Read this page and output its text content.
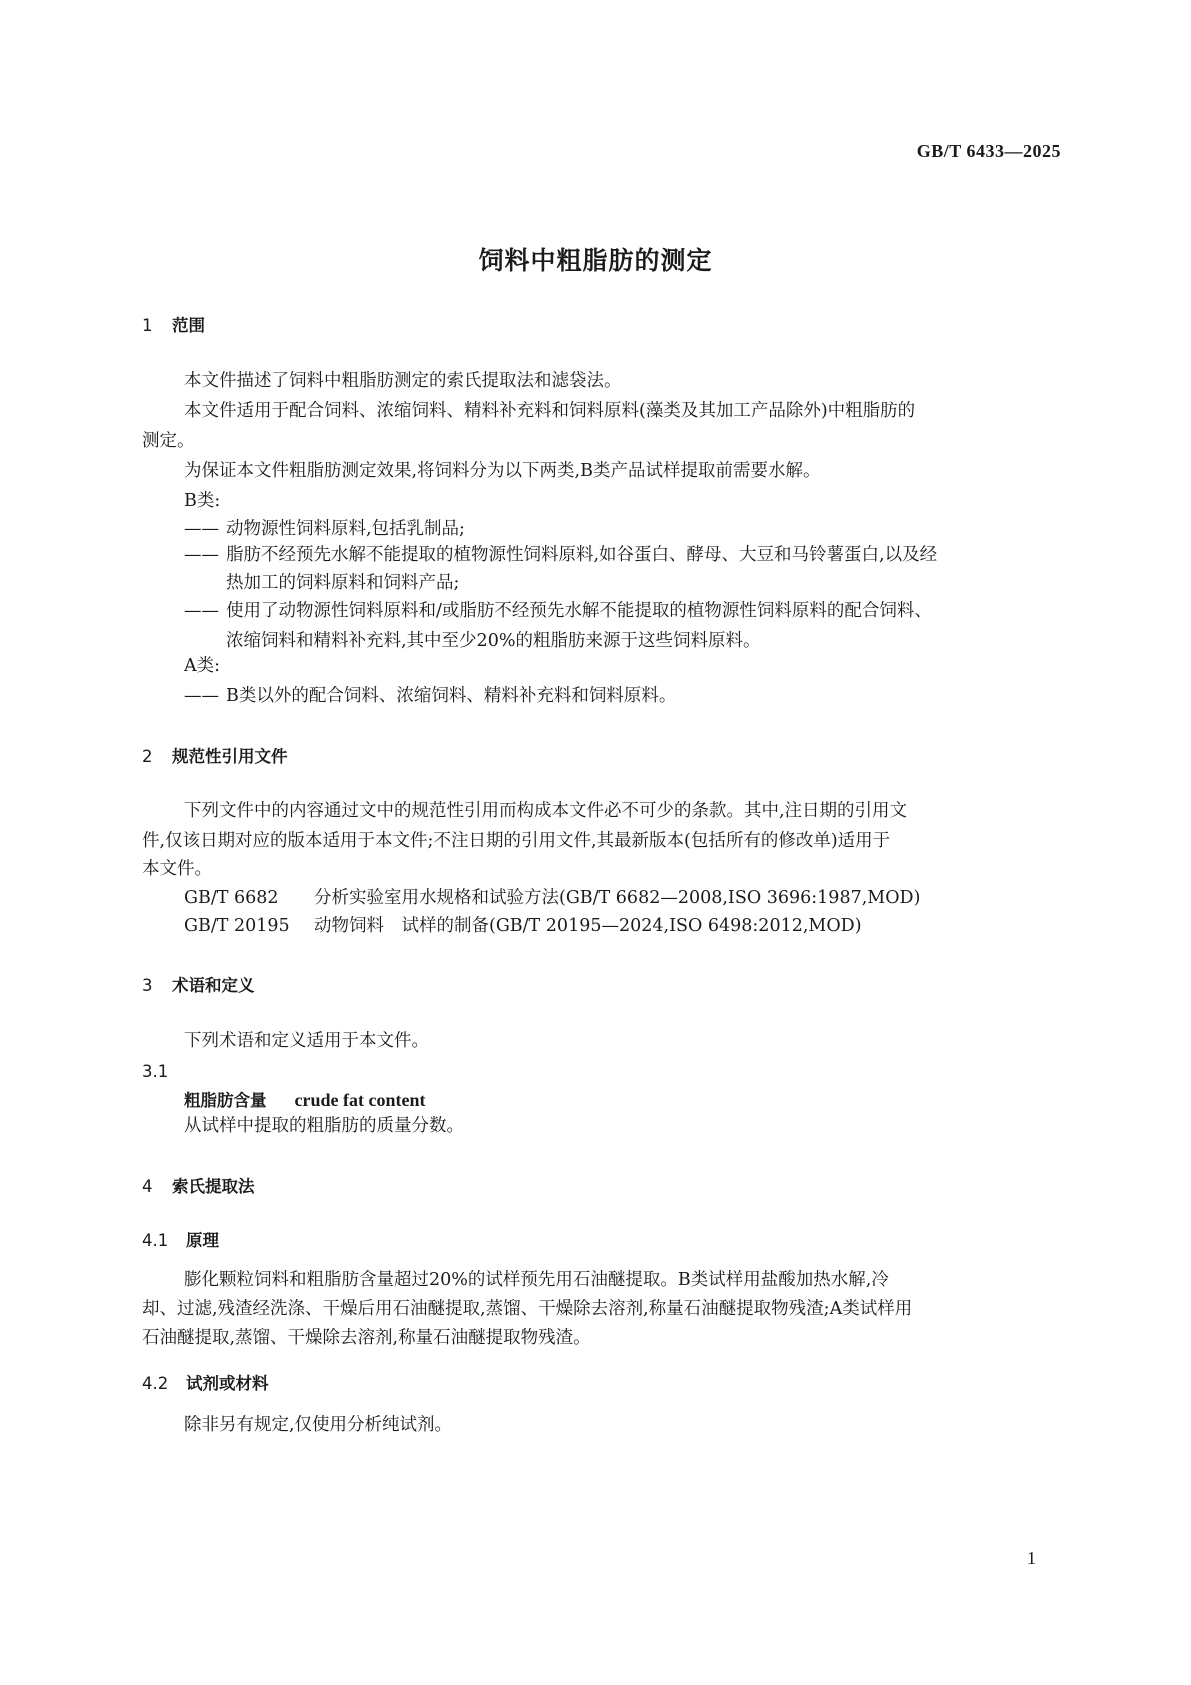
GB/T 6433—2025
饲料中粗脂肪的测定
1 范围
本文件描述了饲料中粗脂肪测定的索氏提取法和滤袋法。
本文件适用于配合饲料、浓缩饲料、精料补充料和饲料原料(藻类及其加工产品除外)中粗脂肪的
测定。
为保证本文件粗脂肪测定效果,将饲料分为以下两类,B类产品试样提取前需要水解。
B类:
—— 动物源性饲料原料,包括乳制品;
—— 脂肪不经预先水解不能提取的植物源性饲料原料,如谷蛋白、酵母、大豆和马铃薯蛋白,以及经
热加工的饲料原料和饲料产品;
—— 使用了动物源性饲料原料和/或脂肪不经预先水解不能提取的植物源性饲料原料的配合饲料、
浓缩饲料和精料补充料,其中至少20%的粗脂肪来源于这些饲料原料。
A类:
—— B类以外的配合饲料、浓缩饲料、精料补充料和饲料原料。
2 规范性引用文件
下列文件中的内容通过文中的规范性引用而构成本文件必不可少的条款。其中,注日期的引用文
件,仅该日期对应的版本适用于本文件;不注日期的引用文件,其最新版本(包括所有的修改单)适用于
本文件。
GB/T 6682 分析实验室用水规格和试验方法(GB/T 6682—2008,ISO 3696:1987,MOD)
GB/T 20195 动物饲料　试样的制备(GB/T 20195—2024,ISO 6498:2012,MOD)
3 术语和定义
下列术语和定义适用于本文件。
3.1
粗脂肪含量 crude fat content
从试样中提取的粗脂肪的质量分数。
4 索氏提取法
4.1 原理
膨化颗粒饲料和粗脂肪含量超过20%的试样预先用石油醚提取。B类试样用盐酸加热水解,冷
却、过滤,残渣经洗涤、干燥后用石油醚提取,蒸馏、干燥除去溶剂,称量石油醚提取物残渣;A类试样用
石油醚提取,蒸馏、干燥除去溶剂,称量石油醚提取物残渣。
4.2 试剂或材料
除非另有规定,仅使用分析纯试剂。
1
